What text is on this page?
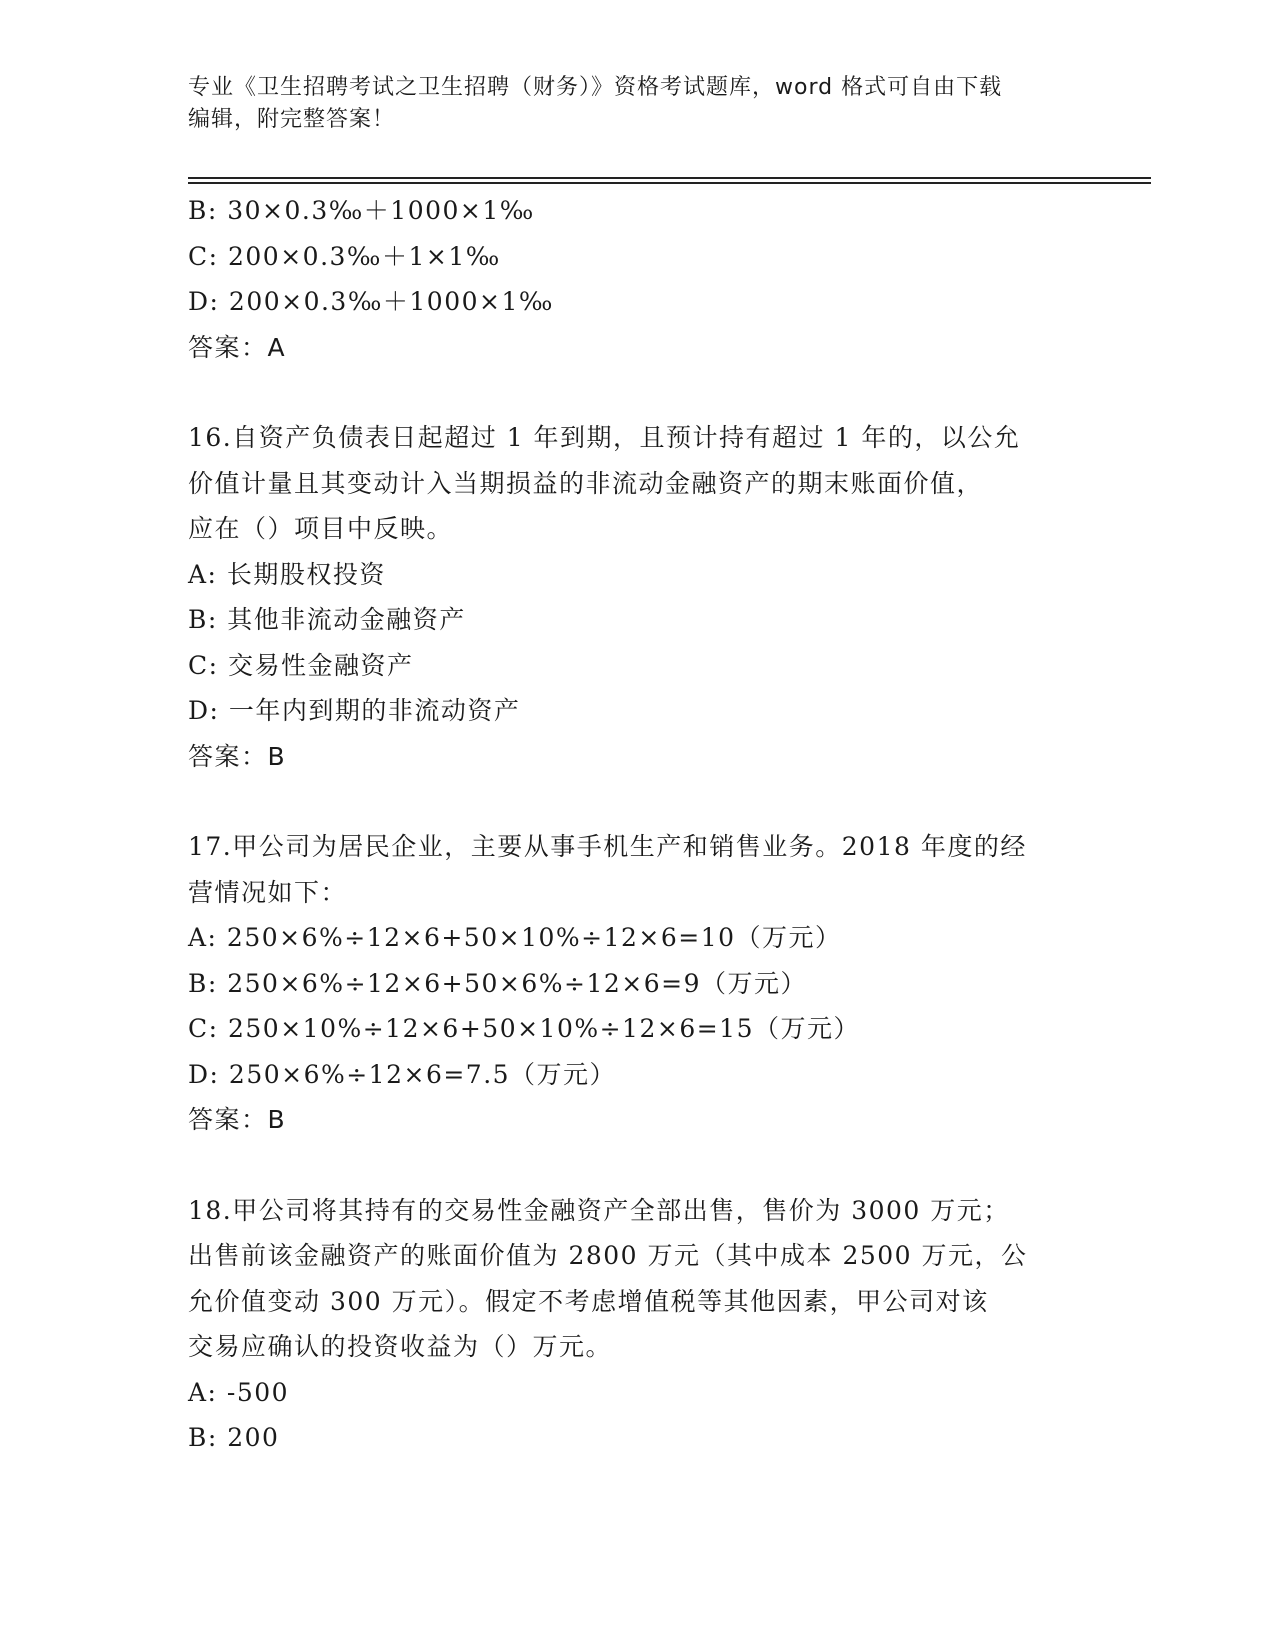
专业《卫生招聘考试之卫生招聘（财务）》资格考试题库，word 格式可自由下载
编辑，附完整答案！
B: 30×0.3‰＋1000×1‰
C: 200×0.3‰＋1×1‰
D: 200×0.3‰＋1000×1‰
答案：A
16.自资产负债表日起超过 1 年到期，且预计持有超过 1 年的，以公允
价值计量且其变动计入当期损益的非流动金融资产的期末账面价值，
应在（）项目中反映。
A: 长期股权投资
B: 其他非流动金融资产
C: 交易性金融资产
D: 一年内到期的非流动资产
答案：B
17.甲公司为居民企业，主要从事手机生产和销售业务。2018 年度的经
营情况如下：
A: 250×6%÷12×6+50×10%÷12×6=10（万元）
B: 250×6%÷12×6+50×6%÷12×6=9（万元）
C: 250×10%÷12×6+50×10%÷12×6=15（万元）
D: 250×6%÷12×6=7.5（万元）
答案：B
18.甲公司将其持有的交易性金融资产全部出售，售价为 3000 万元；
出售前该金融资产的账面价值为 2800 万元（其中成本 2500 万元，公
允价值变动 300 万元）。假定不考虑增值税等其他因素，甲公司对该
交易应确认的投资收益为（）万元。
A: -500
B: 200
